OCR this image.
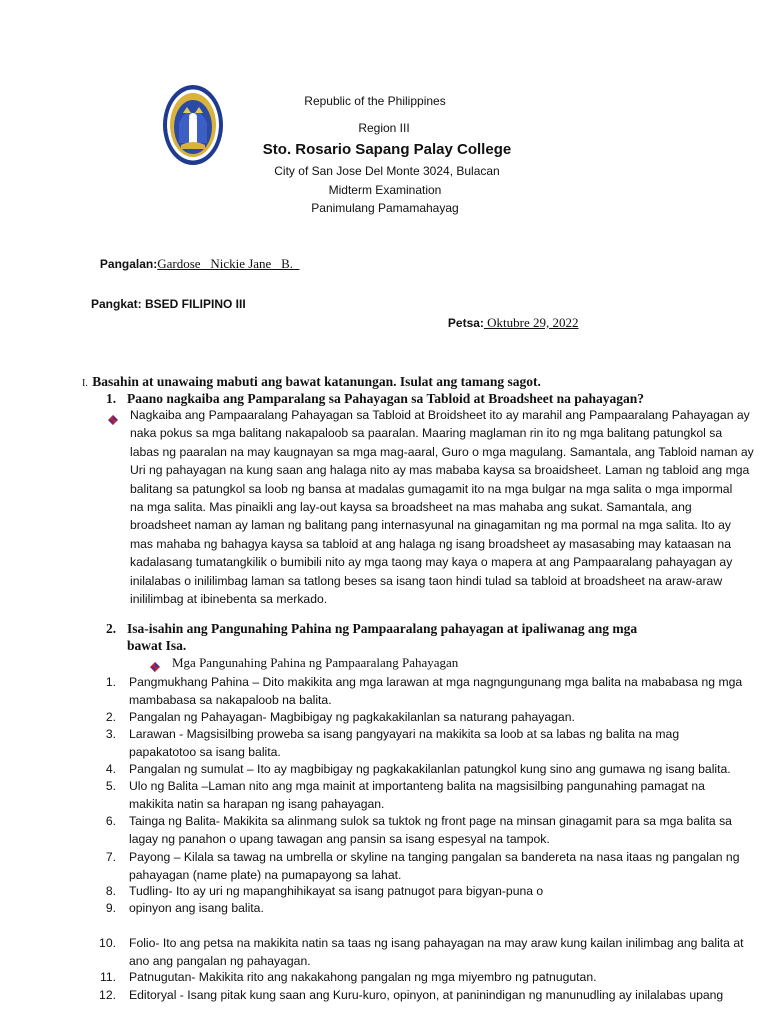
Republic of the Philippines
Region III
Sto. Rosario Sapang Palay College
City of San Jose Del Monte 3024, Bulacan
Midterm Examination
Panimulang Pamamahayag

Pangalan:Gardose   Nickie Jane   B.

Pangkat: BSED FILIPINO III

Petsa: Oktubre 29, 2022

I. Basahin at unawaing mabuti ang bawat katanungan. Isulat ang tamang sagot.
1. Paano nagkaiba ang Pamparalang sa Pahayagan sa Tabloid at Broadsheet na pahayagan?
Nagkaiba ang Pampaaralang Pahayagan sa Tabloid at Broidsheet ito ay marahil ang Pampaaralang Pahayagan ay
naka pokus sa mga balitang nakapaloob sa paaralan. Maaring maglaman rin ito ng mga balitang patungkol sa
labas ng paaralan na may kaugnayan sa mga mag-aaral, Guro o mga magulang. Samantala, ang Tabloid naman ay
Uri ng pahayagan na kung saan ang halaga nito ay mas mababa kaysa sa broaidsheet. Laman ng tabloid ang mga
balitang sa patungkol sa loob ng bansa at madalas gumagamit ito na mga bulgar na mga salita o mga impormal
na mga salita. Mas pinaikli ang lay-out kaysa sa broadsheet na mas mahaba ang sukat. Samantala, ang
broadsheet naman ay laman ng balitang pang internasyunal na ginagamitan ng ma pormal na mga salita. Ito ay
mas mahaba ng bahagya kaysa sa tabloid at ang halaga ng isang broadsheet ay masasabing may kataasan na
kadalasang tumatangkilik o bumibili nito ay mga taong may kaya o mapera at ang Pampaaralang pahayagan ay
inilalabas o inililimbag laman sa tatlong beses sa isang taon hindi tulad sa tabloid at broadsheet na araw-araw
inililimbag at ibinebenta sa merkado.
2. Isa-isahin ang Pangunahing Pahina ng Pampaaralang pahayagan at ipaliwanag ang mga
bawat Isa.
Mga Pangunahing Pahina ng Pampaaralang Pahayagan
1. Pangmukhang Pahina – Dito makikita ang mga larawan at mga nagngungunang mga balita na mababasa ng mga
mambabasa sa nakapaloob na balita.
2. Pangalan ng Pahayagan- Magbibigay ng pagkakakilanlan sa naturang pahayagan.
3. Larawan - Magsisilbing proweba sa isang pangyayari na makikita sa loob at sa labas ng balita na mag
papakatotoo sa isang balita.
4. Pangalan ng sumulat – Ito ay magbibigay ng pagkakakilanlan patungkol kung sino ang gumawa ng isang balita.
5. Ulo ng Balita –Laman nito ang mga mainit at importanteng balita na magsisilbing pangunahing pamagat na
makikita natin sa harapan ng isang pahayagan.
6. Tainga ng Balita- Makikita sa alinmang sulok sa tuktok ng front page na minsan ginagamit para sa mga balita sa
lagay ng panahon o upang tawagan ang pansin sa isang espesyal na tampok.
7. Payong – Kilala sa tawag na umbrella or skyline na tanging pangalan sa bandereta na nasa itaas ng pangalan ng
pahayagan (name plate) na pumapayong sa lahat.
8. Tudling- Ito ay uri ng mapanghihikayat sa isang patnugot para bigyan-puna o
9. opinyon ang isang balita.
10. Folio- Ito ang petsa na makikita natin sa taas ng isang pahayagan na may araw kung kailan inilimbag ang balita at
ano ang pangalan ng pahayagan.
11. Patnugutan- Makikita rito ang nakakahong pangalan ng mga miyembro ng patnugutan.
12. Editoryal - Isang pitak kung saan ang Kuru-kuro, opinyon, at paninindigan ng manunudling ay inilalabas upang
